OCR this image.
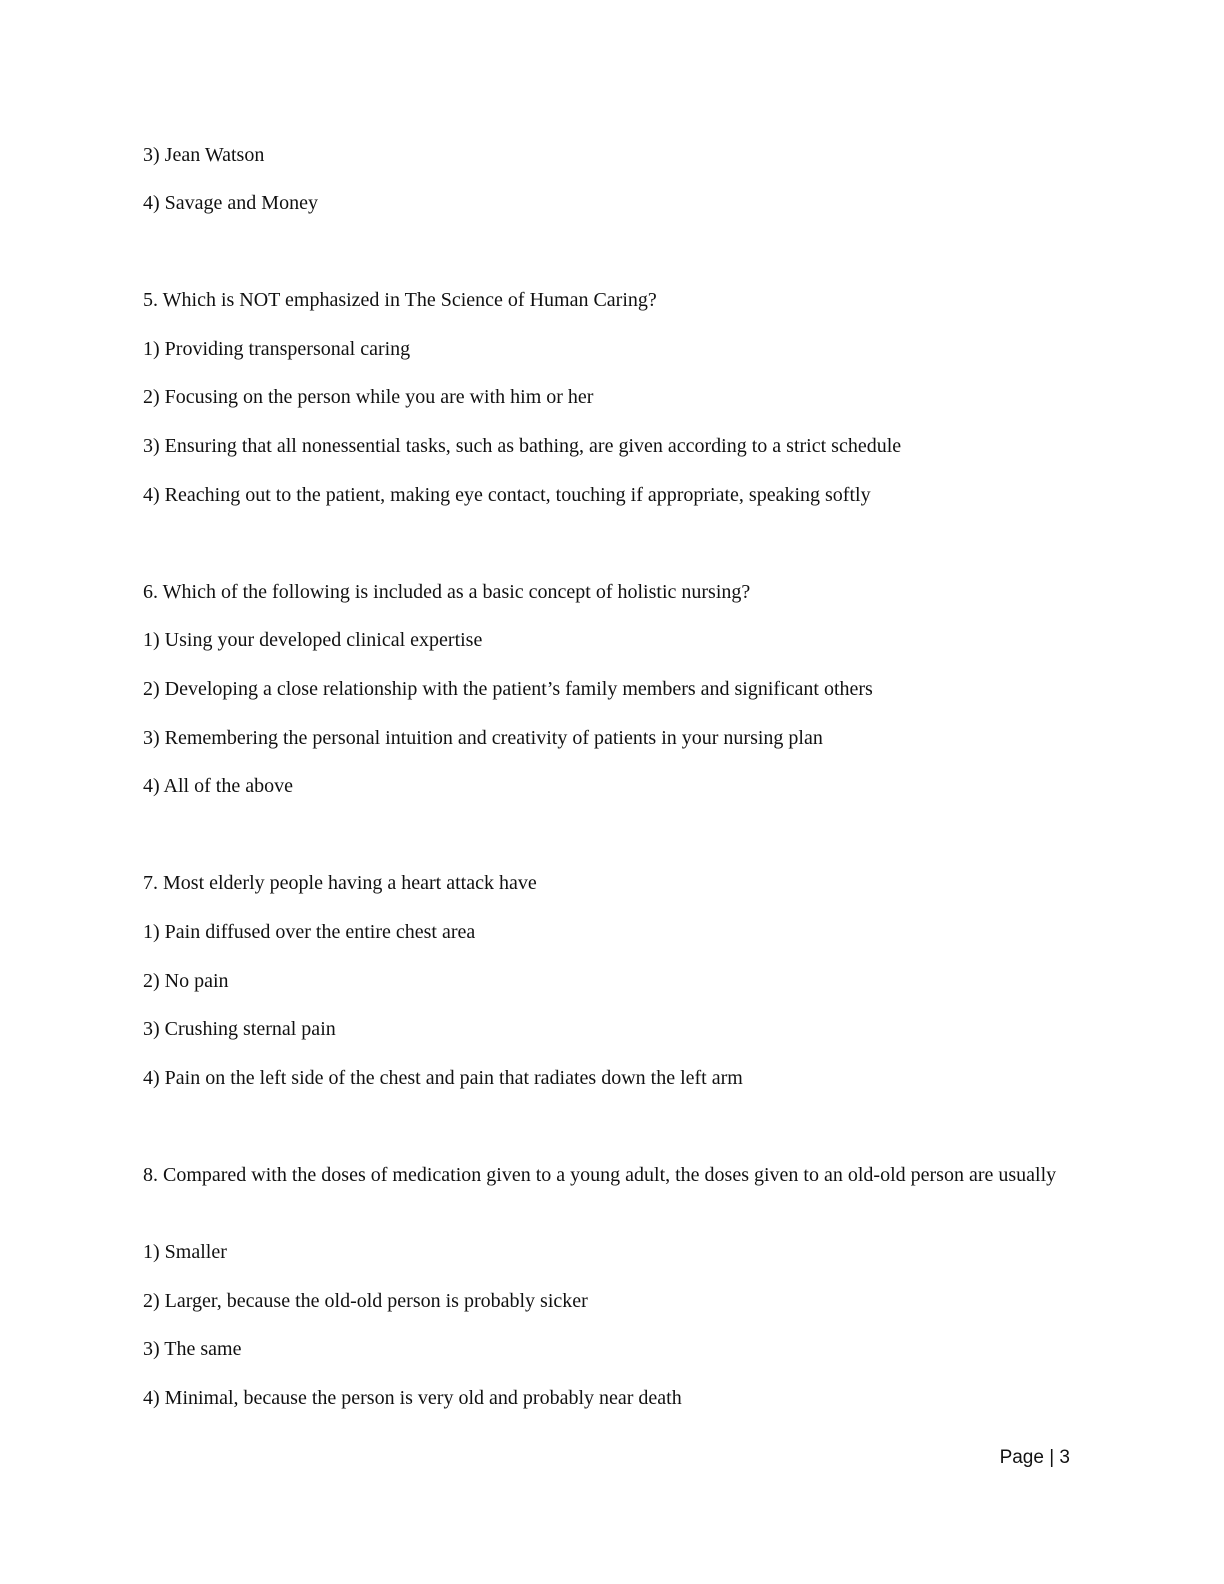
3) Jean Watson
4) Savage and Money
5. Which is NOT emphasized in The Science of Human Caring?
1) Providing transpersonal caring
2) Focusing on the person while you are with him or her
3) Ensuring that all nonessential tasks, such as bathing, are given according to a strict schedule
4) Reaching out to the patient, making eye contact, touching if appropriate, speaking softly
6. Which of the following is included as a basic concept of holistic nursing?
1) Using your developed clinical expertise
2) Developing a close relationship with the patient’s family members and significant others
3) Remembering the personal intuition and creativity of patients in your nursing plan
4) All of the above
7. Most elderly people having a heart attack have
1) Pain diffused over the entire chest area
2) No pain
3) Crushing sternal pain
4) Pain on the left side of the chest and pain that radiates down the left arm
8. Compared with the doses of medication given to a young adult, the doses given to an old-old person are usually
1) Smaller
2) Larger, because the old-old person is probably sicker
3) The same
4) Minimal, because the person is very old and probably near death
Page | 3
